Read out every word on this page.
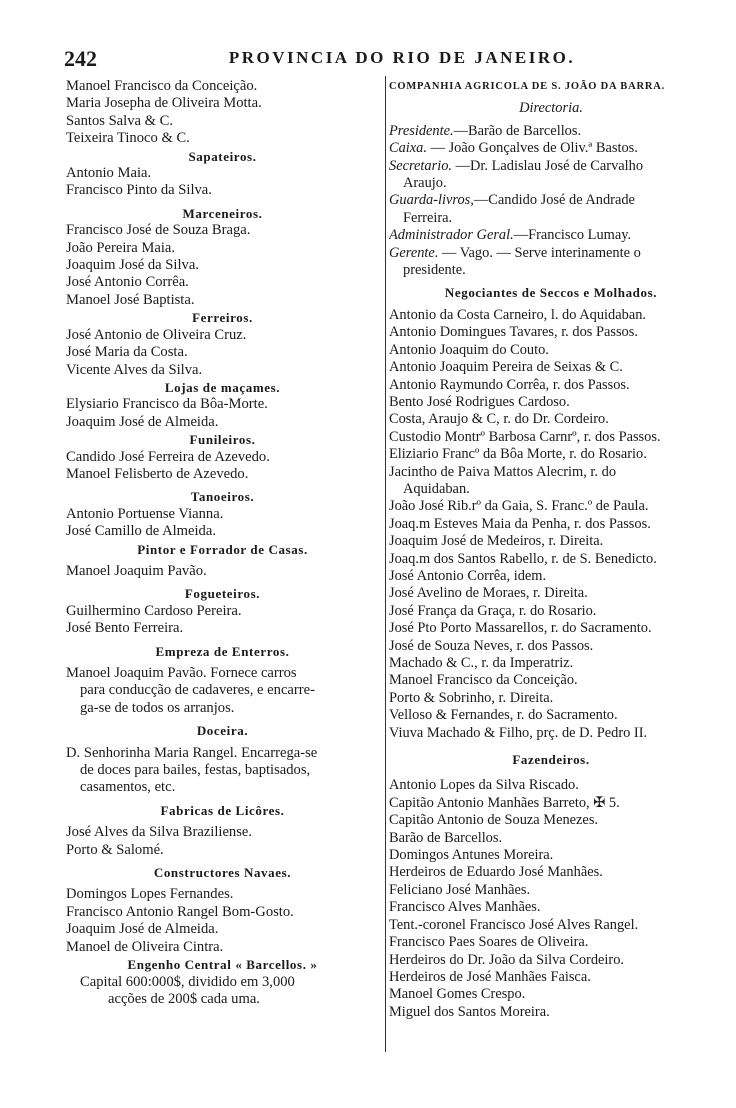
242	PROVINCIA DO RIO DE JANEIRO.
Manoel Francisco da Conceição.
Maria Josepha de Oliveira Motta.
Santos Salva & C.
Teixeira Tinoco & C.
Sapateiros.
Antonio Maia.
Francisco Pinto da Silva.
Marceneiros.
Francisco José de Souza Braga.
João Pereira Maia.
Joaquim José da Silva.
José Antonio Corrêa.
Manoel José Baptista.
Ferreiros.
José Antonio de Oliveira Cruz.
José Maria da Costa.
Vicente Alves da Silva.
Lojas de maçames.
Elysiario Francisco da Bôa-Morte.
Joaquim José de Almeida.
Funileiros.
Candido José Ferreira de Azevedo.
Manoel Felisberto de Azevedo.
Tanoeiros.
Antonio Portuense Vianna.
José Camillo de Almeida.
Pintor e Forrador de Casas.
Manoel Joaquim Pavão.
Fogueteiros.
Guilhermino Cardoso Pereira.
José Bento Ferreira.
Empreza de Enterros.
Manoel Joaquim Pavão. Fornece carros
para conducção de cadaveres, e encarre-
ga-se de todos os arranjos.
Doceira.
D. Senhorinha Maria Rangel. Encarrega-se
de doces para bailes, festas, baptisados,
casamentos, etc.
Fabricas de Licôres.
José Alves da Silva Braziliense.
Porto & Salomé.
Constructores Navaes.
Domingos Lopes Fernandes.
Francisco Antonio Rangel Bom-Gosto.
Joaquim José de Almeida.
Manoel de Oliveira Cintra.
Engenho Central « Barcellos. »
Capital 600:000$, dividido em 3,000
acções de 200$ cada uma.
COMPANHIA AGRICOLA DE S. JOÃO DA BARRA.
Directoria.
Presidente.—Barão de Barcellos.
Caixa. — João Gonçalves de Oliv.ª Bastos.
Secretario. —Dr. Ladislau José de Carvalho
Araujo.
Guarda-livros,—Candido José de Andrade
Ferreira.
Administrador Geral.—Francisco Lumay.
Gerente. — Vago. — Serve interinamente o
presidente.
Negociantes de Seccos e Molhados.
Antonio da Costa Carneiro, l. do Aquidaban.
Antonio Domingues Tavares, r. dos Passos.
Antonio Joaquim do Couto.
Antonio Joaquim Pereira de Seixas & C.
Antonio Raymundo Corrêa, r. dos Passos.
Bento José Rodrigues Cardoso.
Costa, Araujo & C, r. do Dr. Cordeiro.
Custodio Montrº Barbosa Carnrº, r. dos Passos.
Eliziario Francº da Bôa Morte, r. do Rosario.
Jacintho de Paiva Mattos Alecrim, r. do
Aquidaban.
João José Rib.rº da Gaia, S. Franc.º de Paula.
Joaq.m Esteves Maia da Penha, r. dos Passos.
Joaquim José de Medeiros, r. Direita.
Joaq.m dos Santos Rabello, r. de S. Benedicto.
José Antonio Corrêa, idem.
José Avelino de Moraes, r. Direita.
José França da Graça, r. do Rosario.
José Pto Porto Massarellos, r. do Sacramento.
José de Souza Neves, r. dos Passos.
Machado & C., r. da Imperatriz.
Manoel Francisco da Conceição.
Porto & Sobrinho, r. Direita.
Velloso & Fernandes, r. do Sacramento.
Viuva Machado & Filho, prç. de D. Pedro II.
Fazendeiros.
Antonio Lopes da Silva Riscado.
Capitão Antonio Manhães Barreto, ✠ 5.
Capitão Antonio de Souza Menezes.
Barão de Barcellos.
Domingos Antunes Moreira.
Herdeiros de Eduardo José Manhães.
Feliciano José Manhães.
Francisco Alves Manhães.
Tent.-coronel Francisco José Alves Rangel.
Francisco Paes Soares de Oliveira.
Herdeiros do Dr. João da Silva Cordeiro.
Herdeiros de José Manhães Faisca.
Manoel Gomes Crespo.
Miguel dos Santos Moreira.
